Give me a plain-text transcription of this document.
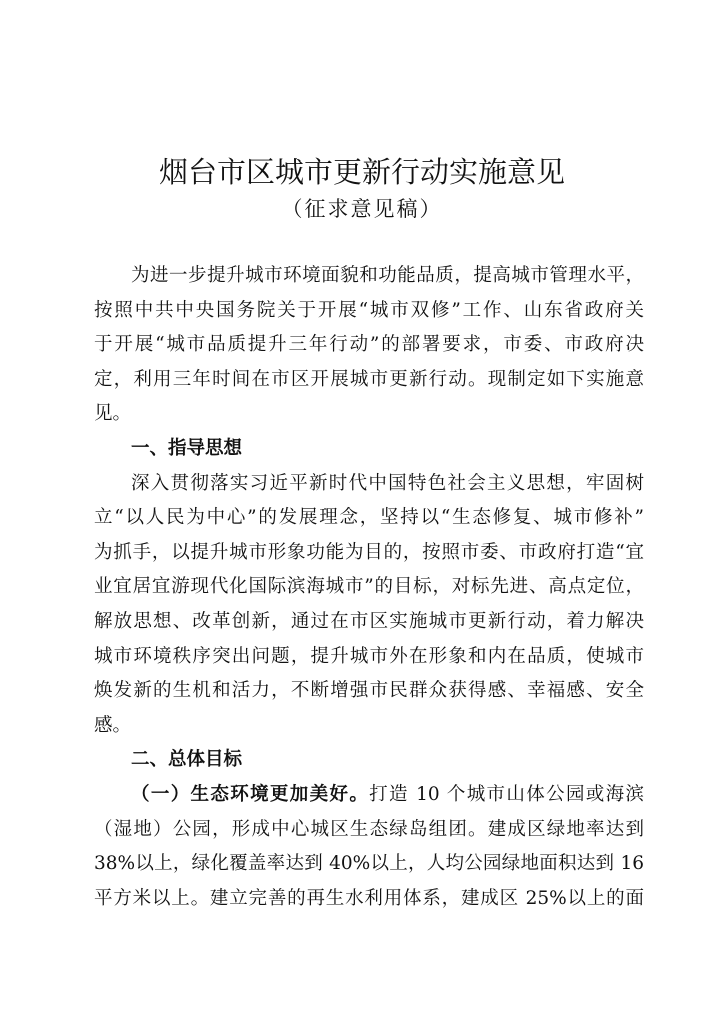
烟台市区城市更新行动实施意见
（征求意见稿）
为进一步提升城市环境面貌和功能品质，提高城市管理水平，
按照中共中央国务院关于开展“城市双修”工作、山东省政府关
于开展“城市品质提升三年行动”的部署要求，市委、市政府决
定，利用三年时间在市区开展城市更新行动。现制定如下实施意
见。
一、指导思想
深入贯彻落实习近平新时代中国特色社会主义思想，牢固树
立“以人民为中心”的发展理念，坚持以“生态修复、城市修补”
为抓手，以提升城市形象功能为目的，按照市委、市政府打造“宜
业宜居宜游现代化国际滨海城市”的目标，对标先进、高点定位，
解放思想、改革创新，通过在市区实施城市更新行动，着力解决
城市环境秩序突出问题，提升城市外在形象和内在品质，使城市
焕发新的生机和活力，不断增强市民群众获得感、幸福感、安全
感。
二、总体目标
（一）生态环境更加美好。打造 10 个城市山体公园或海滨
（湿地）公园，形成中心城区生态绿岛组团。建成区绿地率达到
38%以上，绿化覆盖率达到 40%以上，人均公园绿地面积达到 16
平方米以上。建立完善的再生水利用体系，建成区 25%以上的面
